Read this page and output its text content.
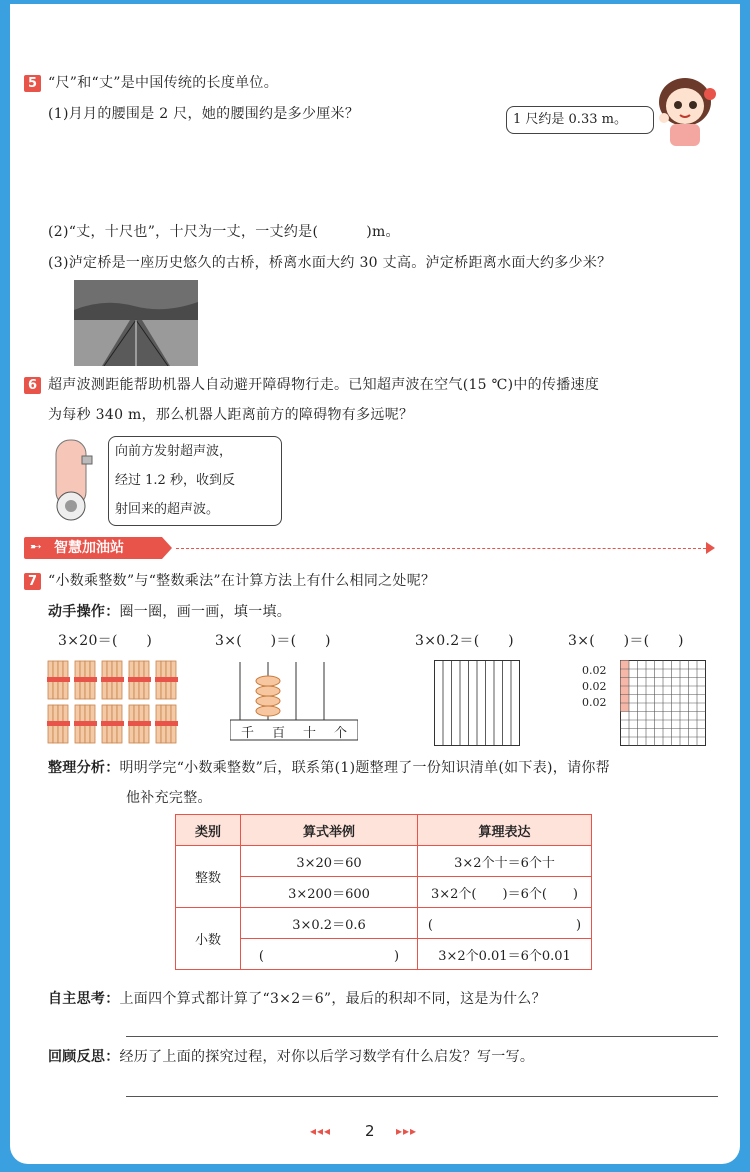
5 “尺”和“丈”是中国传统的长度单位。
(1)月月的腰围是 2 尺，她的腰围约是多少厘米？	1 尺约是 0.33 m。
(2)“丈，十尺也”，十尺为一丈，一丈约是(	)m。
(3)泸定桥是一座历史悠久的古桥，桥离水面大约 30 丈高。泸定桥距离水面大约多少米？
6 超声波测距能帮助机器人自动避开障碍物行走。已知超声波在空气(15 ℃)中的传播速度
为每秒 340 m，那么机器人距离前方的障碍物有多远呢？
向前方发射超声波，
经过 1.2 秒，收到反
射回来的超声波。
➸ 智慧加油站
7 “小数乘整数”与“整数乘法”在计算方法上有什么相同之处呢？
动手操作：圈一圈，画一画，填一填。
3×20＝(　　)	3×(　　)＝(　　)	3×0.2＝(　　)	3×(　　)＝(　　)
千 百 十 个
0.02
0.02
0.02
整理分析：明明学完“小数乘整数”后，联系第(1)题整理了一份知识清单(如下表)，请你帮
他补充完整。
类别	算式举例	算理表达
整数	3×20＝60	3×2个十＝6个十
	3×200＝600	3×2个(　　)＝6个(　　)
小数	3×0.2＝0.6	(　　　　　　　　　　　)
	(　　　　　　　　　　)	3×2个0.01＝6个0.01
自主思考：上面四个算式都计算了“3×2＝6”，最后的积却不同，这是为什么？
回顾反思：经历了上面的探究过程，对你以后学习数学有什么启发？写一写。
◂◂◂ 2 ▸▸▸
